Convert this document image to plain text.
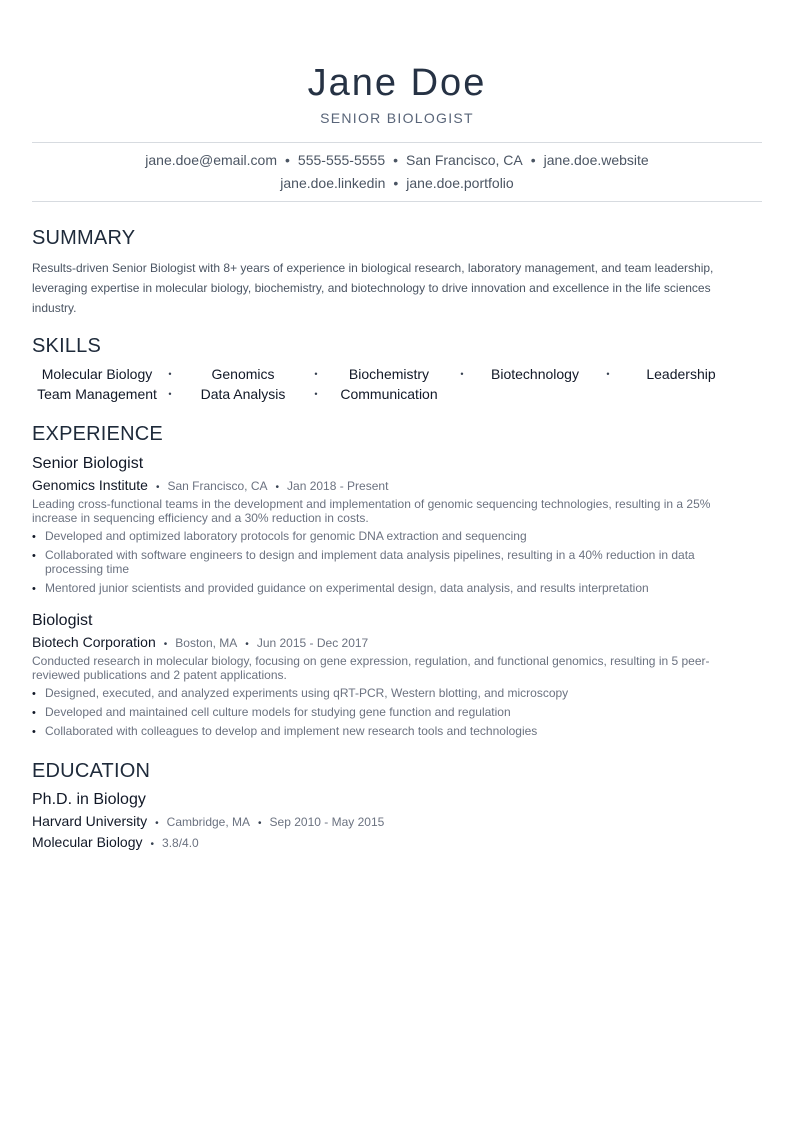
Jane Doe
SENIOR BIOLOGIST
jane.doe@email.com • 555-555-5555 • San Francisco, CA • jane.doe.website
jane.doe.linkedin • jane.doe.portfolio
SUMMARY

Results-driven Senior Biologist with 8+ years of experience in biological research, laboratory management, and team leadership, leveraging expertise in molecular biology, biochemistry, and biotechnology to drive innovation and excellence in the life sciences industry.

SKILLS
Molecular Biology	•	Genomics	•	Biochemistry	•	Biotechnology	•	Leadership
Team Management	•	Data Analysis	•	Communication
EXPERIENCE
Senior Biologist
Genomics Institute • San Francisco, CA • Jan 2018 - Present

Leading cross-functional teams in the development and implementation of genomic sequencing technologies, resulting in a 25% increase in sequencing efficiency and a 30% reduction in costs.

• Developed and optimized laboratory protocols for genomic DNA extraction and sequencing
• Collaborated with software engineers to design and implement data analysis pipelines, resulting in a 40% reduction in data processing time
• Mentored junior scientists and provided guidance on experimental design, data analysis, and results interpretation
Biologist
Biotech Corporation • Boston, MA • Jun 2015 - Dec 2017

Conducted research in molecular biology, focusing on gene expression, regulation, and functional genomics, resulting in 5 peer-reviewed publications and 2 patent applications.

• Designed, executed, and analyzed experiments using qRT-PCR, Western blotting, and microscopy
• Developed and maintained cell culture models for studying gene function and regulation
• Collaborated with colleagues to develop and implement new research tools and technologies
EDUCATION
Ph.D. in Biology
Harvard University • Cambridge, MA • Sep 2010 - May 2015
Molecular Biology • 3.8/4.0
